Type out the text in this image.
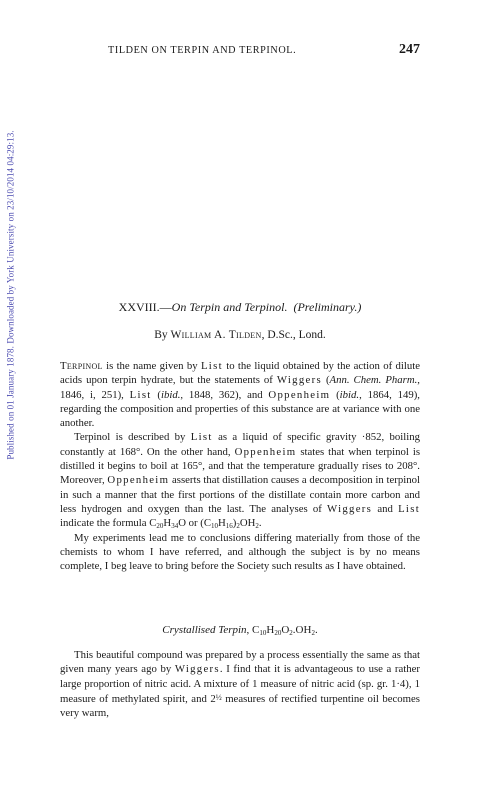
Published on 01 January 1878. Downloaded by York University on 23/10/2014 04:29:13.
TILDEN ON TERPIN AND TERPINOL.	247
XXVIII.—On Terpin and Terpinol. (Preliminary.)
By William A. Tilden, D.Sc., Lond.

Terpinol is the name given by List to the liquid obtained by the action of dilute acids upon terpin hydrate, but the statements of Wiggers (Ann. Chem. Pharm., 1846, i, 251), List (ibid., 1848, 362), and Oppenheim (ibid., 1864, 149), regarding the composition and properties of this substance are at variance with one another.

Terpinol is described by List as a liquid of specific gravity ·852, boiling constantly at 168°. On the other hand, Oppenheim states that when terpinol is distilled it begins to boil at 165°, and that the temperature gradually rises to 208°. Moreover, Oppenheim asserts that distillation causes a decomposition in terpinol in such a manner that the first portions of the distillate contain more carbon and less hydrogen and oxygen than the last. The analyses of Wiggers and List indicate the formula $C_{20}H_{34}O$ or $(C_{10}H_{16})_2OH_2$.

My experiments lead me to conclusions differing materially from those of the chemists to whom I have referred, and although the subject is by no means complete, I beg leave to bring before the Society such results as I have obtained.

Crystallised Terpin, $C_{10}H_{20}O_2.OH_2$.

This beautiful compound was prepared by a process essentially the same as that given many years ago by Wiggers. I find that it is advantageous to use a rather large proportion of nitric acid. A mixture of 1 measure of nitric acid (sp. gr. 1·4), 1 measure of methylated spirit, and 2½ measures of rectified turpentine oil becomes very warm,
